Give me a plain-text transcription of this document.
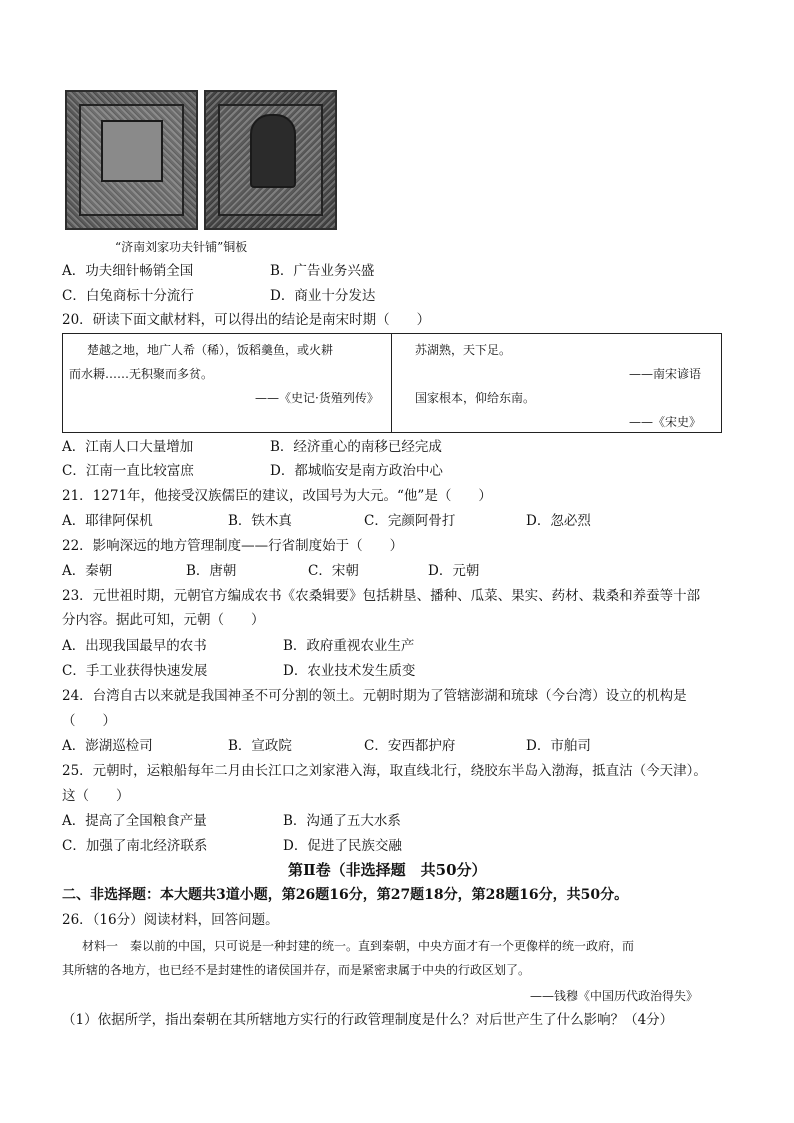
“济南刘家功夫针铺”铜板
A．功夫细针畅销全国	B．广告业务兴盛
C．白兔商标十分流行	D．商业十分发达
20．研读下面文献材料，可以得出的结论是南宋时期（　　）
楚越之地，地广人希（稀），饭稻羹鱼，或火耕
而水耨……无积聚而多贫。
——《史记·货殖列传》
苏湖熟，天下足。
——南宋谚语
国家根本，仰给东南。
——《宋史》
A．江南人口大量增加	B．经济重心的南移已经完成
C．江南一直比较富庶	D．都城临安是南方政治中心
21．1271年，他接受汉族儒臣的建议，改国号为大元。“他”是（　　）
A．耶律阿保机	B．铁木真	C．完颜阿骨打	D．忽必烈
22．影响深远的地方管理制度——行省制度始于（　　）
A．秦朝	B．唐朝	C．宋朝	D．元朝
23．元世祖时期，元朝官方编成农书《农桑辑要》包括耕垦、播种、瓜菜、果实、药材、栽桑和养蚕等十部
分内容。据此可知，元朝（　　）
A．出现我国最早的农书	B．政府重视农业生产
C．手工业获得快速发展	D．农业技术发生质变
24．台湾自古以来就是我国神圣不可分割的领土。元朝时期为了管辖澎湖和琉球（今台湾）设立的机构是
（　　）
A．澎湖巡检司	B．宣政院	C．安西都护府	D．市舶司
25．元朝时，运粮船每年二月由长江口之刘家港入海，取直线北行，绕胶东半岛入渤海，抵直沽（今天津）。
这（　　）
A．提高了全国粮食产量	B．沟通了五大水系
C．加强了南北经济联系	D．促进了民族交融
第Ⅱ卷（非选择题　共50分）
二、非选择题：本大题共3道小题，第26题16分，第27题18分，第28题16分，共50分。
26．（16分）阅读材料，回答问题。
材料一　秦以前的中国，只可说是一种封建的统一。直到秦朝，中央方面才有一个更像样的统一政府，而
其所辖的各地方，也已经不是封建性的诸侯国并存，而是紧密隶属于中央的行政区划了。
——钱穆《中国历代政治得失》
（1）依据所学，指出秦朝在其所辖地方实行的行政管理制度是什么？对后世产生了什么影响？（4分）
